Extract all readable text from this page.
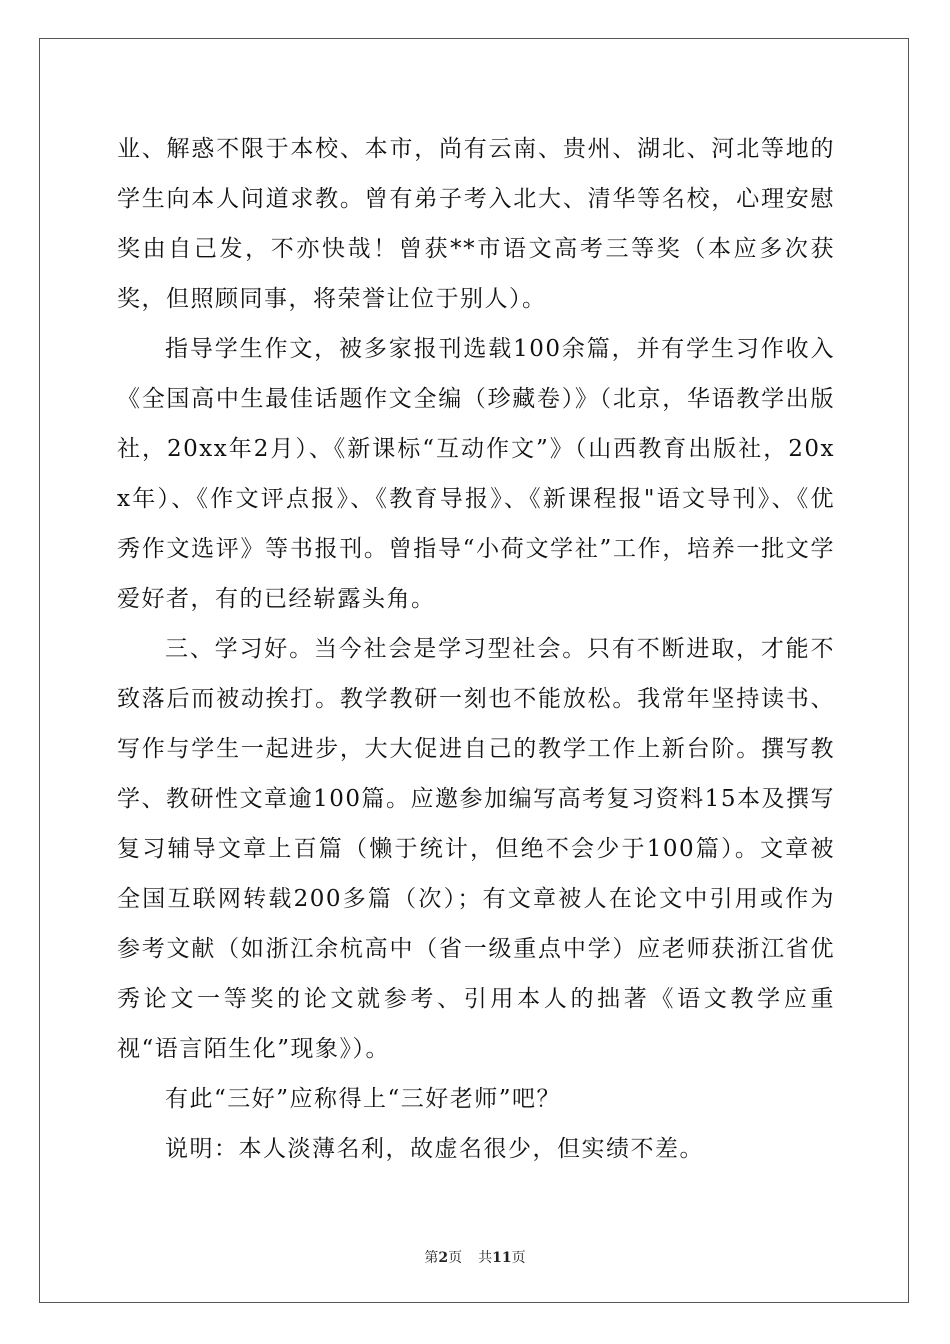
业、解惑不限于本校、本市，尚有云南、贵州、湖北、河北等地的学生向本人问道求教。曾有弟子考入北大、清华等名校，心理安慰奖由自己发，不亦快哉！曾获**市语文高考三等奖（本应多次获奖，但照顾同事，将荣誉让位于别人）。

指导学生作文，被多家报刊选载100余篇，并有学生习作收入《全国高中生最佳话题作文全编（珍藏卷）》（北京，华语教学出版社，20xx年2月）、《新课标“互动作文”》（山西教育出版社，20xx年）、《作文评点报》、《教育导报》、《新课程报"语文导刊》、《优秀作文选评》等书报刊。曾指导“小荷文学社”工作，培养一批文学爱好者，有的已经崭露头角。

三、学习好。当今社会是学习型社会。只有不断进取，才能不致落后而被动挨打。教学教研一刻也不能放松。我常年坚持读书、写作与学生一起进步，大大促进自己的教学工作上新台阶。撰写教学、教研性文章逾100篇。应邀参加编写高考复习资料15本及撰写复习辅导文章上百篇（懒于统计，但绝不会少于100篇）。文章被全国互联网转载200多篇（次）；有文章被人在论文中引用或作为参考文献（如浙江余杭高中（省一级重点中学）应老师获浙江省优秀论文一等奖的论文就参考、引用本人的拙著《语文教学应重视“语言陌生化”现象》）。

有此“三好”应称得上“三好老师”吧？

说明：本人淡薄名利，故虚名很少，但实绩不差。

第2页 共11页
